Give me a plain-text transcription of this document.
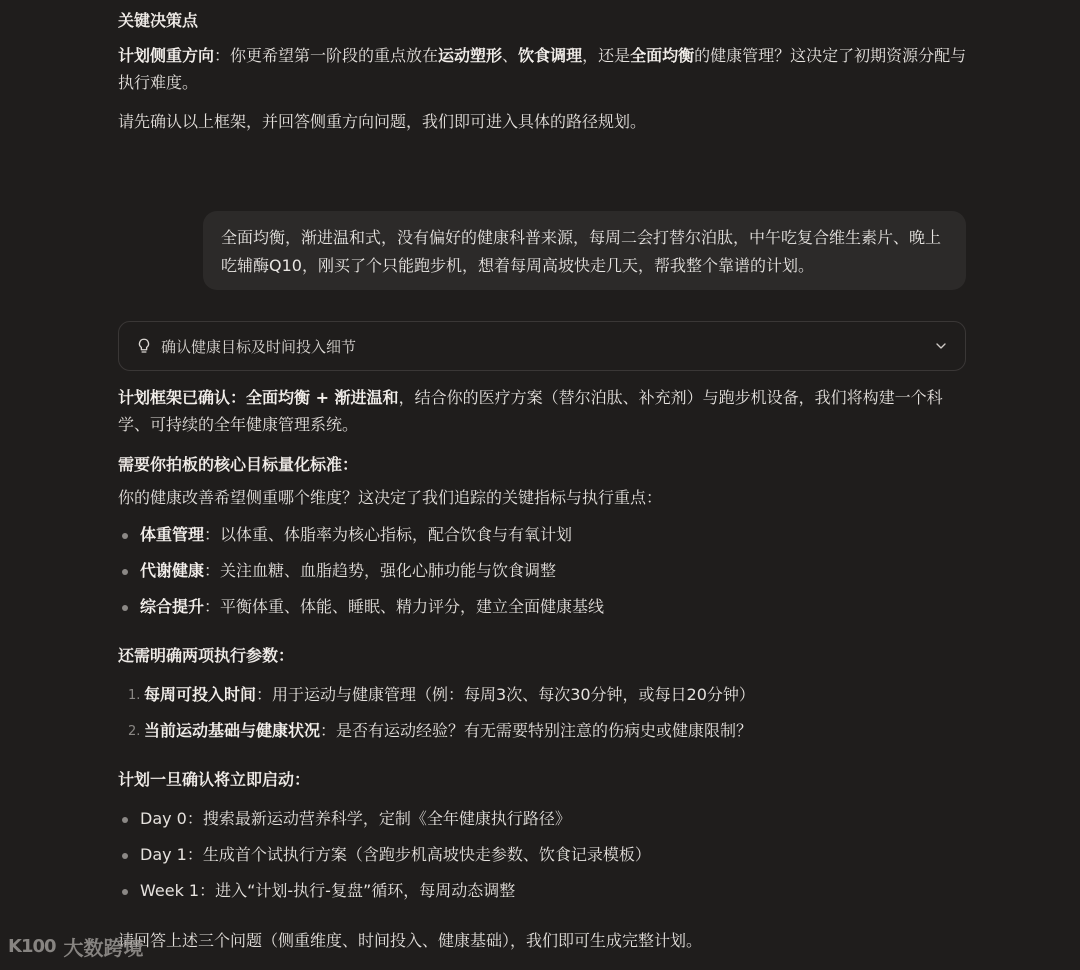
关键决策点
计划侧重方向：你更希望第一阶段的重点放在运动塑形、饮食调理，还是全面均衡的健康管理？这决定了初期资源分配与执行难度。
请先确认以上框架，并回答侧重方向问题，我们即可进入具体的路径规划。
全面均衡，渐进温和式，没有偏好的健康科普来源，每周二会打替尔泊肽，中午吃复合维生素片、晚上吃辅酶Q10，刚买了个只能跑步机，想着每周高坡快走几天，帮我整个靠谱的计划。
确认健康目标及时间投入细节
计划框架已确认：全面均衡 + 渐进温和，结合你的医疗方案（替尔泊肽、补充剂）与跑步机设备，我们将构建一个科学、可持续的全年健康管理系统。
需要你拍板的核心目标量化标准：
你的健康改善希望侧重哪个维度？这决定了我们追踪的关键指标与执行重点：
体重管理：以体重、体脂率为核心指标，配合饮食与有氧计划
代谢健康：关注血糖、血脂趋势，强化心肺功能与饮食调整
综合提升：平衡体重、体能、睡眠、精力评分，建立全面健康基线
还需明确两项执行参数：
1. 每周可投入时间：用于运动与健康管理（例：每周3次、每次30分钟，或每日20分钟）
2. 当前运动基础与健康状况：是否有运动经验？有无需要特别注意的伤病史或健康限制？
计划一旦确认将立即启动：
Day 0：搜索最新运动营养科学，定制《全年健康执行路径》
Day 1：生成首个试执行方案（含跑步机高坡快走参数、饮食记录模板）
Week 1：进入“计划-执行-复盘”循环，每周动态调整
请回答上述三个问题（侧重维度、时间投入、健康基础），我们即可生成完整计划。
K100 大数跨境
